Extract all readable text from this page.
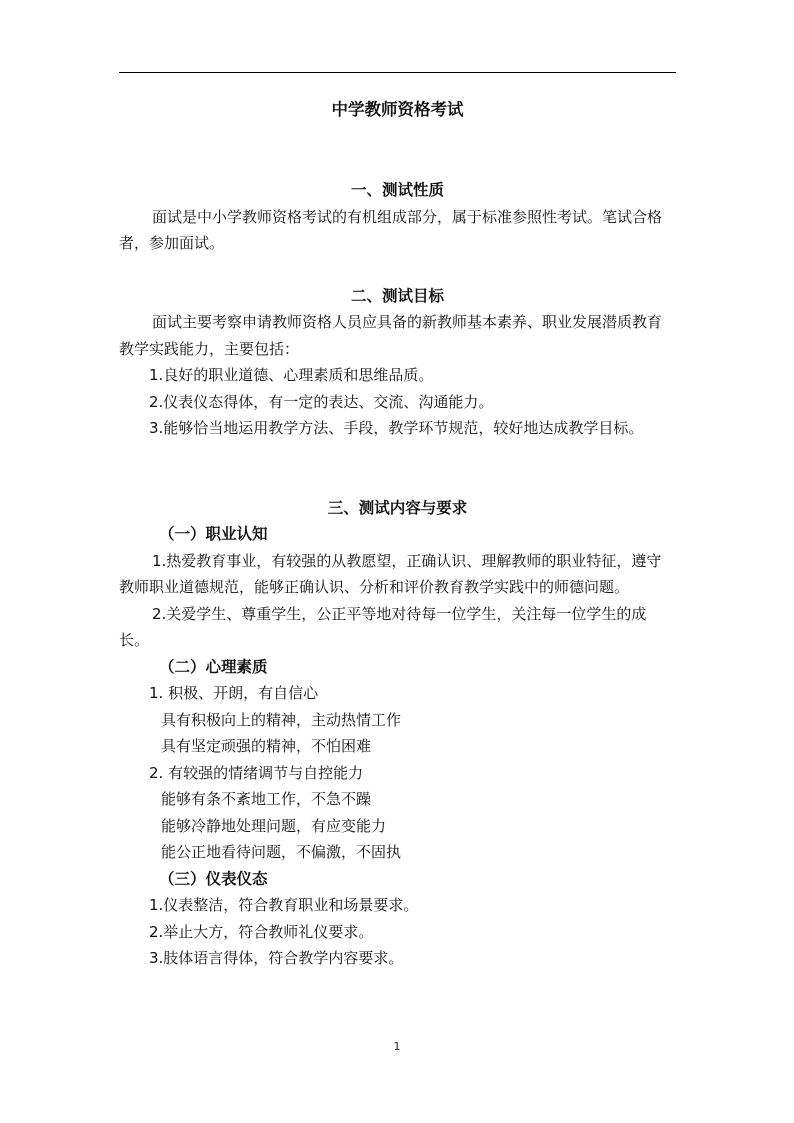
中学教师资格考试
一、测试性质

面试是中小学教师资格考试的有机组成部分，属于标准参照性考试。笔试合格者，参加面试。

二、测试目标

面试主要考察申请教师资格人员应具备的新教师基本素养、职业发展潜质教育教学实践能力，主要包括：

1.良好的职业道德、心理素质和思维品质。

2.仪表仪态得体，有一定的表达、交流、沟通能力。

3.能够恰当地运用教学方法、手段，教学环节规范，较好地达成教学目标。

三、测试内容与要求
（一）职业认知

1.热爱教育事业，有较强的从教愿望，正确认识、理解教师的职业特征，遵守教师职业道德规范，能够正确认识、分析和评价教育教学实践中的师德问题。

2.关爱学生、尊重学生，公正平等地对待每一位学生，关注每一位学生的成长。

（二）心理素质

1. 积极、开朗，有自信心

具有积极向上的精神，主动热情工作

具有坚定顽强的精神，不怕困难

2. 有较强的情绪调节与自控能力

能够有条不紊地工作，不急不躁

能够冷静地处理问题，有应变能力

能公正地看待问题，不偏激，不固执

（三）仪表仪态

1.仪表整洁，符合教育职业和场景要求。

2.举止大方，符合教师礼仪要求。

3.肢体语言得体，符合教学内容要求。

1
